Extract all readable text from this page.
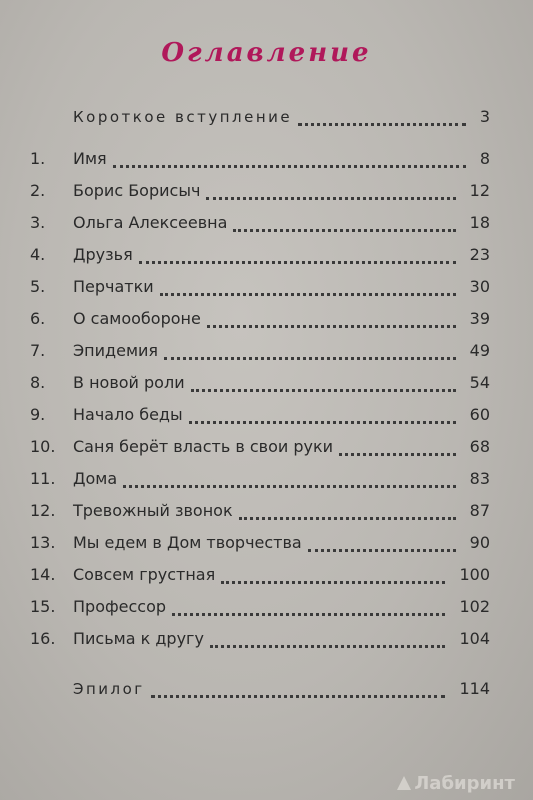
Оглавление
Короткое вступление	3
1. Имя	8
2. Борис Борисыч	12
3. Ольга Алексеевна	18
4. Друзья	23
5. Перчатки	30
6. О самообороне	39
7. Эпидемия	49
8. В новой роли	54
9. Начало беды	60
10. Саня берёт власть в свои руки	68
11. Дома	83
12. Тревожный звонок	87
13. Мы едем в Дом творчества	90
14. Совсем грустная	100
15. Профессор	102
16. Письма к другу	104
Эпилог	114
Лабиринт
